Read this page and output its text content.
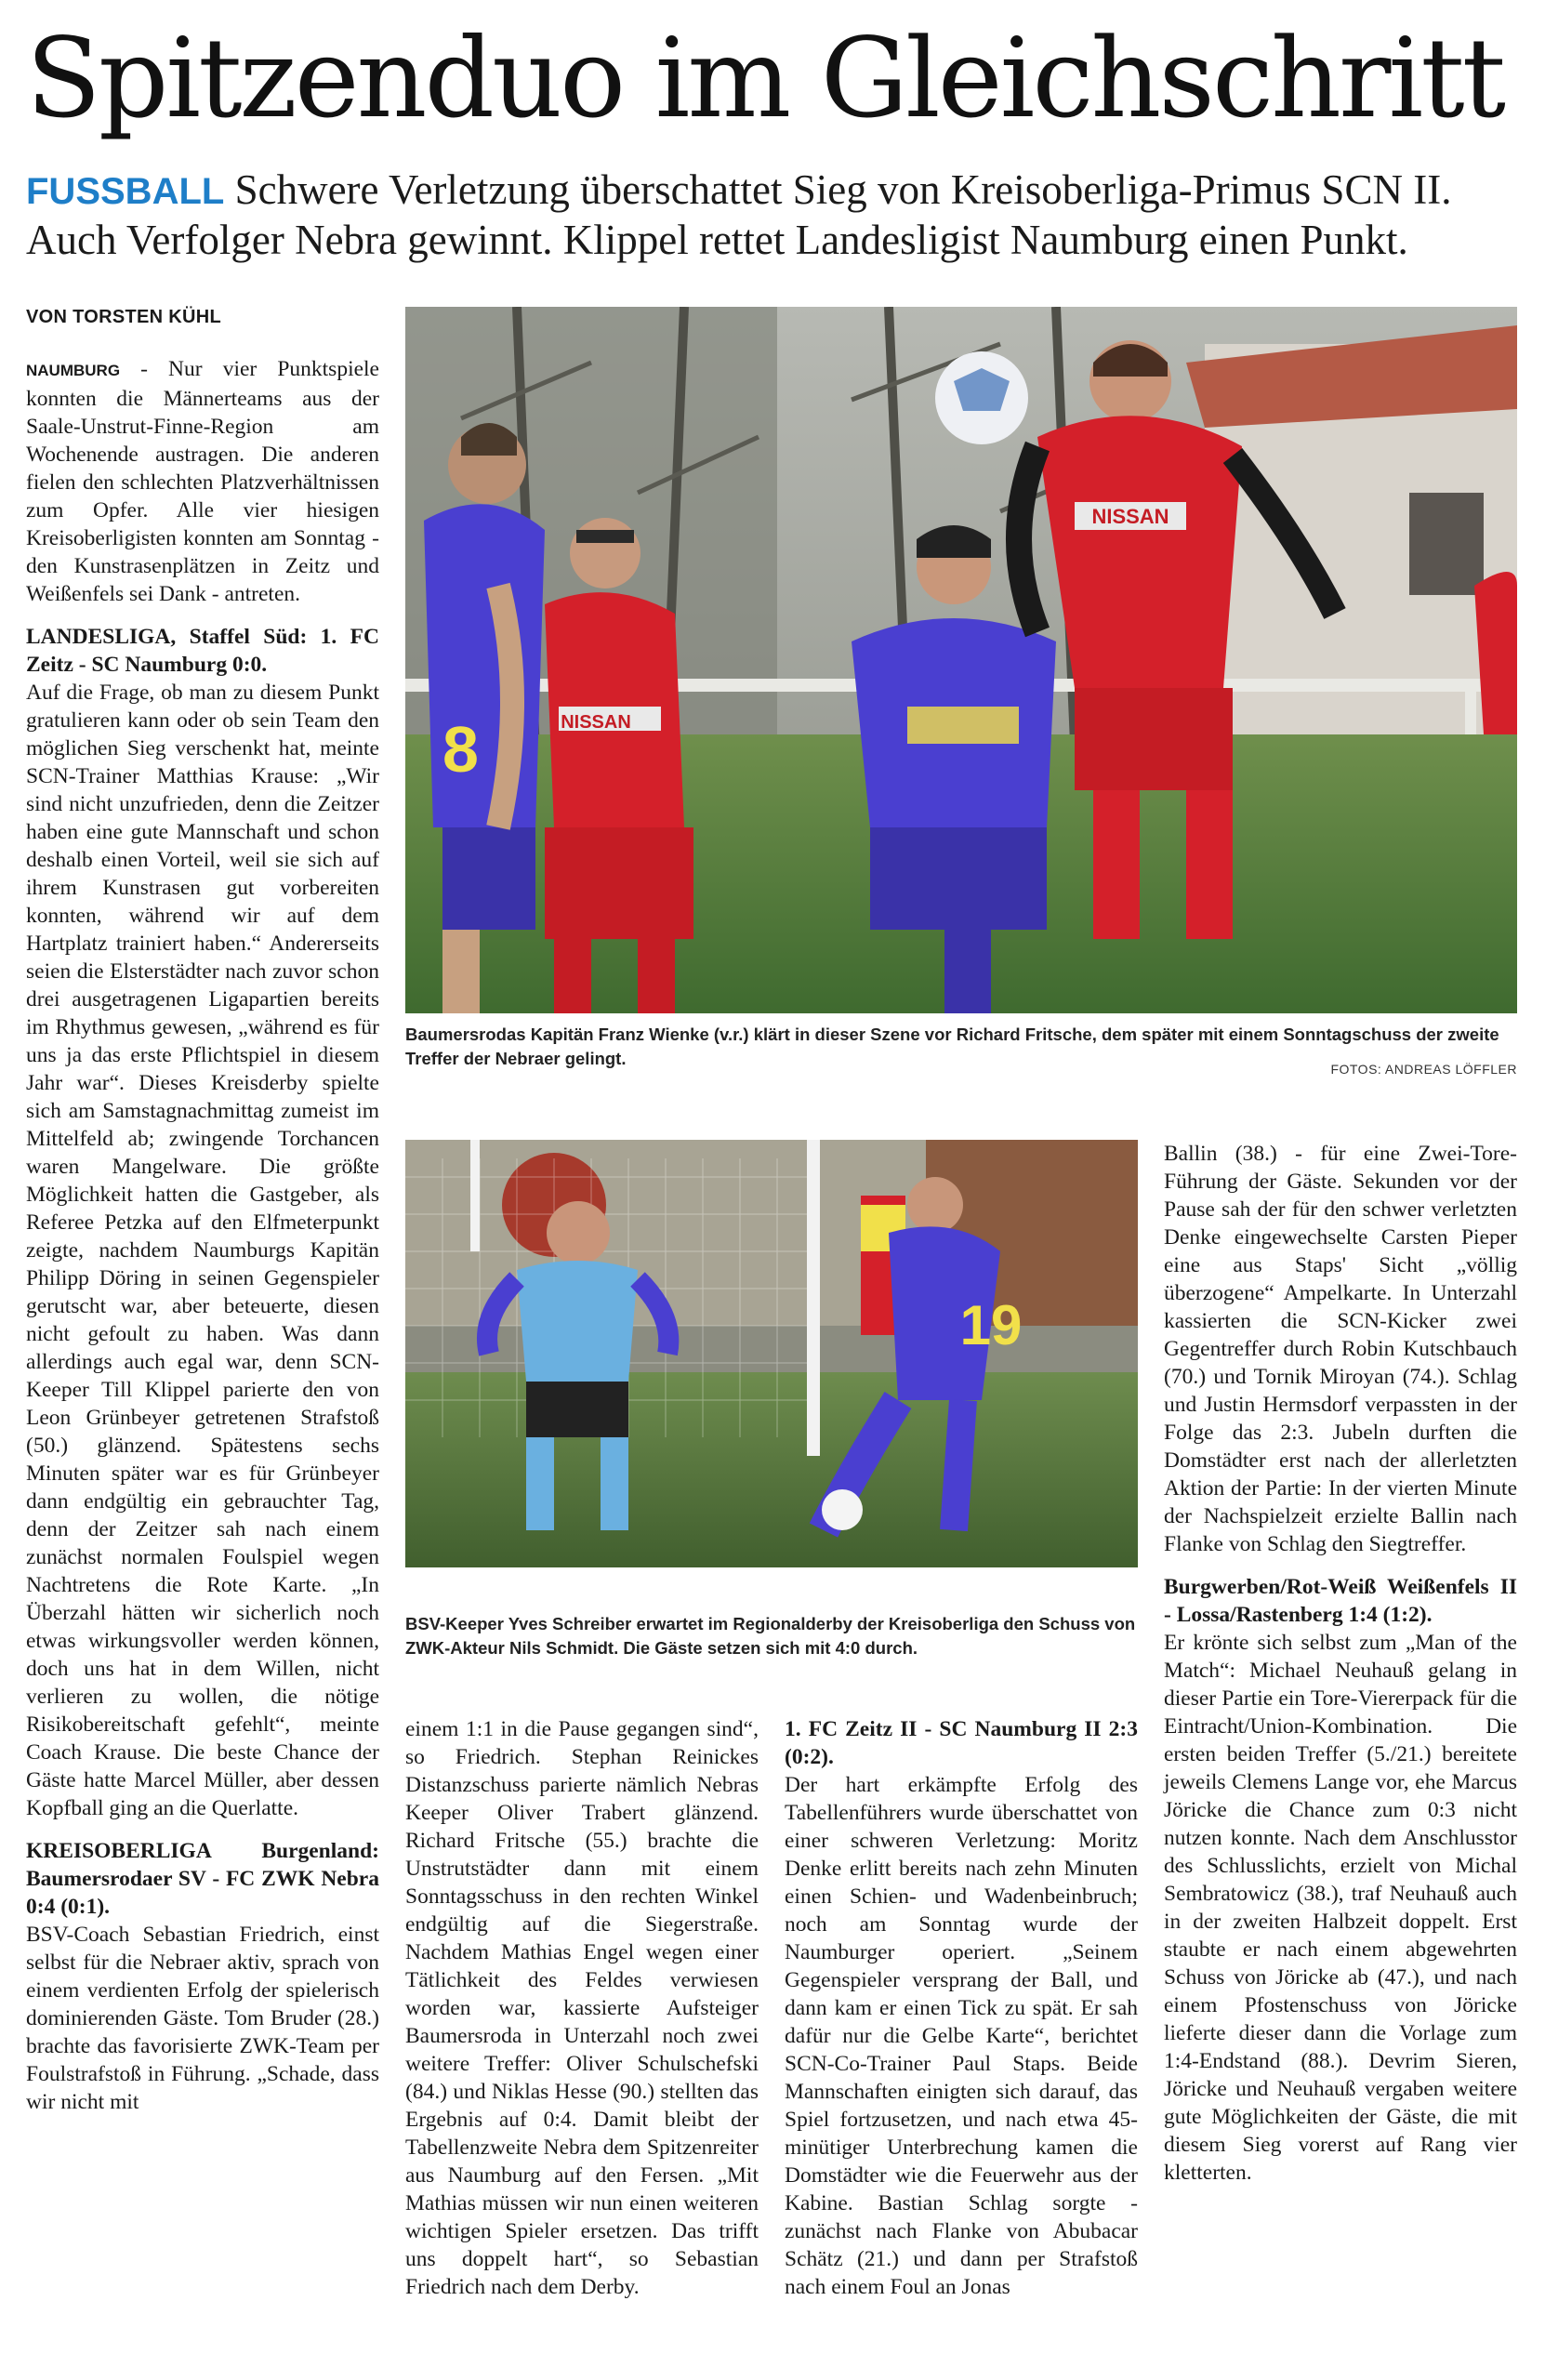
Spitzenduo im Gleichschritt

FUSSBALL Schwere Verletzung überschattet Sieg von Kreisoberliga-Primus SCN II. Auch Verfolger Nebra gewinnt. Klippel rettet Landesligist Naumburg einen Punkt.

VON TORSTEN KÜHL

NAUMBURG - Nur vier Punktspiele konnten die Männerteams aus der Saale-Unstrut-Finne-Region am Wochenende austragen. Die anderen fielen den schlechten Platzverhältnissen zum Opfer. Alle vier hiesigen Kreisoberligisten konnten am Sonntag - den Kunstrasenplätzen in Zeitz und Weißenfels sei Dank - antreten.

LANDESLIGA, Staffel Süd: 1. FC Zeitz - SC Naumburg 0:0.

Auf die Frage, ob man zu diesem Punkt gratulieren kann oder ob sein Team den möglichen Sieg verschenkt hat, meinte SCN-Trainer Matthias Krause: „Wir sind nicht unzufrieden, denn die Zeitzer haben eine gute Mannschaft und schon deshalb einen Vorteil, weil sie sich auf ihrem Kunstrasen gut vorbereiten konnten, während wir auf dem Hartplatz trainiert haben.“ Andererseits seien die Elsterstädter nach zuvor schon drei ausgetragenen Ligapartien bereits im Rhythmus gewesen, „während es für uns ja das erste Pflichtspiel in diesem Jahr war“. Dieses Kreisderby spielte sich am Samstagnachmittag zumeist im Mittelfeld ab; zwingende Torchancen waren Mangelware. Die größte Möglichkeit hatten die Gastgeber, als Referee Petzka auf den Elfmeterpunkt zeigte, nachdem Naumburgs Kapitän Philipp Döring in seinen Gegenspieler gerutscht war, aber beteuerte, diesen nicht gefoult zu haben. Was dann allerdings auch egal war, denn SCN-Keeper Till Klippel parierte den von Leon Grünbeyer getretenen Strafstoß (50.) glänzend. Spätestens sechs Minuten später war es für Grünbeyer dann endgültig ein gebrauchter Tag, denn der Zeitzer sah nach einem zunächst normalen Foulspiel wegen Nachtretens die Rote Karte. „In Überzahl hätten wir sicherlich noch etwas wirkungsvoller werden können, doch uns hat in dem Willen, nicht verlieren zu wollen, die nötige Risikobereitschaft gefehlt“, meinte Coach Krause. Die beste Chance der Gäste hatte Marcel Müller, aber dessen Kopfball ging an die Querlatte.

KREISOBERLIGA Burgenland: Baumersrodaer SV - FC ZWK Nebra 0:4 (0:1).

BSV-Coach Sebastian Friedrich, einst selbst für die Nebraer aktiv, sprach von einem verdienten Erfolg der spielerisch dominierenden Gäste. Tom Bruder (28.) brachte das favorisierte ZWK-Team per Foulstrafstoß in Führung. „Schade, dass wir nicht mit

NISSAN
NISSAN
8

Baumersrodas Kapitän Franz Wienke (v.r.) klärt in dieser Szene vor Richard Fritsche, dem später mit einem Sonntagschuss der zweite Treffer der Nebraer gelingt.

FOTOS: ANDREAS LÖFFLER
19

BSV-Keeper Yves Schreiber erwartet im Regionalderby der Kreisoberliga den Schuss von ZWK-Akteur Nils Schmidt. Die Gäste setzen sich mit 4:0 durch.

einem 1:1 in die Pause gegangen sind“, so Friedrich. Stephan Reinickes Distanzschuss parierte nämlich Nebras Keeper Oliver Trabert glänzend. Richard Fritsche (55.) brachte die Unstrutstädter dann mit einem Sonntagsschuss in den rechten Winkel endgültig auf die Siegerstraße. Nachdem Mathias Engel wegen einer Tätlichkeit des Feldes verwiesen worden war, kassierte Aufsteiger Baumersroda in Unterzahl noch zwei weitere Treffer: Oliver Schulschefski (84.) und Niklas Hesse (90.) stellten das Ergebnis auf 0:4. Damit bleibt der Tabellenzweite Nebra dem Spitzenreiter aus Naumburg auf den Fersen. „Mit Mathias müssen wir nun einen weiteren wichtigen Spieler ersetzen. Das trifft uns doppelt hart“, so Sebastian Friedrich nach dem Derby.

1. FC Zeitz II - SC Naumburg II 2:3 (0:2).

Der hart erkämpfte Erfolg des Tabellenführers wurde überschattet von einer schweren Verletzung: Moritz Denke erlitt bereits nach zehn Minuten einen Schien- und Wadenbeinbruch; noch am Sonntag wurde der Naumburger operiert. „Seinem Gegenspieler versprang der Ball, und dann kam er einen Tick zu spät. Er sah dafür nur die Gelbe Karte“, berichtet SCN-Co-Trainer Paul Staps. Beide Mannschaften einigten sich darauf, das Spiel fortzusetzen, und nach etwa 45-minütiger Unterbrechung kamen die Domstädter wie die Feuerwehr aus der Kabine. Bastian Schlag sorgte - zunächst nach Flanke von Abubacar Schätz (21.) und dann per Strafstoß nach einem Foul an Jonas

Ballin (38.) - für eine Zwei-Tore-Führung der Gäste. Sekunden vor der Pause sah der für den schwer verletzten Denke eingewechselte Carsten Pieper eine aus Staps' Sicht „völlig überzogene“ Ampelkarte. In Unterzahl kassierten die SCN-Kicker zwei Gegentreffer durch Robin Kutschbauch (70.) und Tornik Miroyan (74.). Schlag und Justin Hermsdorf verpassten in der Folge das 2:3. Jubeln durften die Domstädter erst nach der allerletzten Aktion der Partie: In der vierten Minute der Nachspielzeit erzielte Ballin nach Flanke von Schlag den Siegtreffer.

Burgwerben/Rot-Weiß Weißenfels II - Lossa/Rastenberg 1:4 (1:2).

Er krönte sich selbst zum „Man of the Match“: Michael Neuhauß gelang in dieser Partie ein Tore-Viererpack für die Eintracht/Union-Kombination. Die ersten beiden Treffer (5./21.) bereitete jeweils Clemens Lange vor, ehe Marcus Jöricke die Chance zum 0:3 nicht nutzen konnte. Nach dem Anschlusstor des Schlusslichts, erzielt von Michal Sembratowicz (38.), traf Neuhauß auch in der zweiten Halbzeit doppelt. Erst staubte er nach einem abgewehrten Schuss von Jöricke ab (47.), und nach einem Pfostenschuss von Jöricke lieferte dieser dann die Vorlage zum 1:4-Endstand (88.). Devrim Sieren, Jöricke und Neuhauß vergaben weitere gute Möglichkeiten der Gäste, die mit diesem Sieg vorerst auf Rang vier kletterten.
